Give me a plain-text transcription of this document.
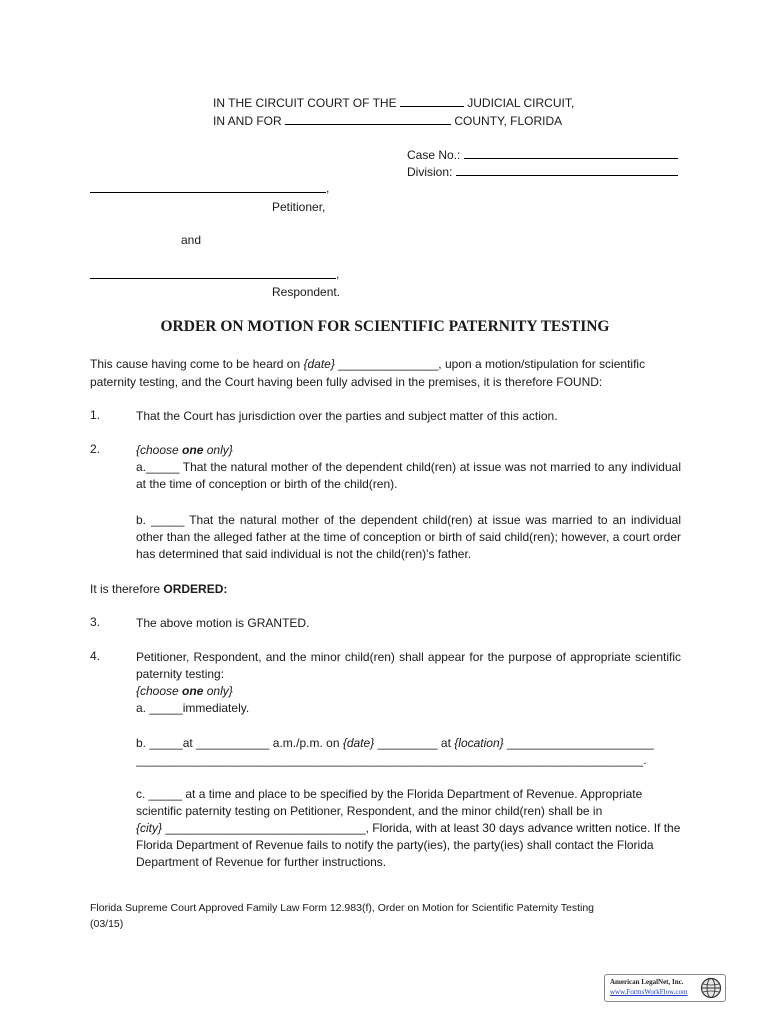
IN THE CIRCUIT COURT OF THE	JUDICIAL CIRCUIT,
IN AND FOR	COUNTY, FLORIDA
Case No.:
Division:
,
Petitioner,
and
,
Respondent.
ORDER ON MOTION FOR SCIENTIFIC PATERNITY TESTING
This cause having come to be heard on {date} _______________, upon a motion/stipulation for scientific
paternity testing, and the Court having been fully advised in the premises, it is therefore FOUND:
1.	That the Court has jurisdiction over the parties and subject matter of this action.
2.	{choose one only}
a._____ That the natural mother of the dependent child(ren) at issue was not married to any individual at the time of conception or birth of the child(ren).
b. _____ That the natural mother of the dependent child(ren) at issue was married to an individual other than the alleged father at the time of conception or birth of said child(ren); however, a court order has determined that said individual is not the child(ren)'s father.
It is therefore ORDERED:
3.	The above motion is GRANTED.
4.	Petitioner, Respondent, and the minor child(ren) shall appear for the purpose of appropriate scientific paternity testing:
{choose one only}
a. _____immediately.
b. _____at ___________ a.m./p.m. on {date} _________ at {location} ______________________
____________________________________________________________________________.
c. _____ at a time and place to be specified by the Florida Department of Revenue. Appropriate
scientific paternity testing on Petitioner, Respondent, and the minor child(ren) shall be in
{city} ______________________________, Florida, with at least 30 days advance written notice. If the
Florida Department of Revenue fails to notify the party(ies), the party(ies) shall contact the Florida
Department of Revenue for further instructions.
Florida Supreme Court Approved Family Law Form 12.983(f), Order on Motion for Scientific Paternity Testing
(03/15)
American LegalNet, Inc.
www.FormsWorkFlow.com
